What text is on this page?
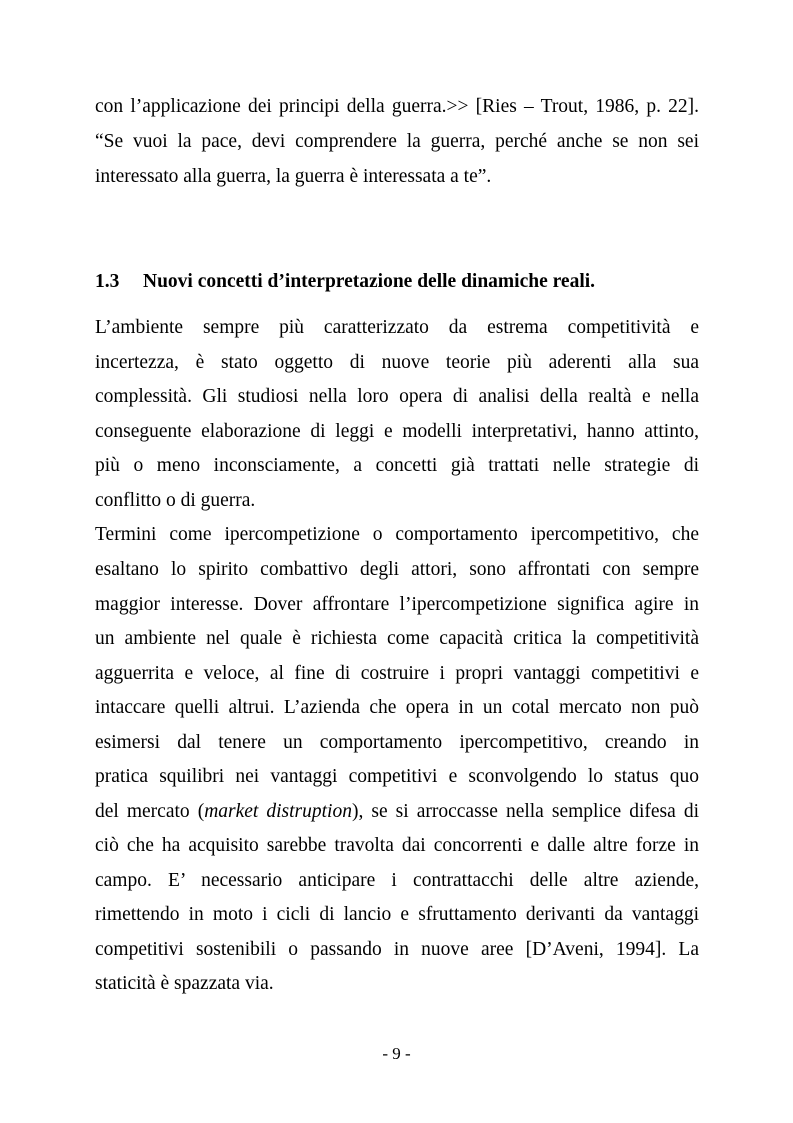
con l’applicazione dei principi della guerra.>> [Ries – Trout, 1986, p. 22].
“Se vuoi la pace, devi comprendere la guerra, perché anche se non sei
interessato alla guerra, la guerra è interessata a te”.
1.3 Nuovi concetti d’interpretazione delle dinamiche reali.
L’ambiente sempre più caratterizzato da estrema competitività e
incertezza, è stato oggetto di nuove teorie più aderenti alla sua
complessità. Gli studiosi nella loro opera di analisi della realtà e nella
conseguente elaborazione di leggi e modelli interpretativi, hanno attinto,
più o meno inconsciamente, a concetti già trattati nelle strategie di
conflitto o di guerra.
Termini come ipercompetizione o comportamento ipercompetitivo, che
esaltano lo spirito combattivo degli attori, sono affrontati con sempre
maggior interesse. Dover affrontare l’ipercompetizione significa agire in
un ambiente nel quale è richiesta come capacità critica la competitività
agguerrita e veloce, al fine di costruire i propri vantaggi competitivi e
intaccare quelli altrui. L’azienda che opera in un cotal mercato non può
esimersi dal tenere un comportamento ipercompetitivo, creando in
pratica squilibri nei vantaggi competitivi e sconvolgendo lo status quo
del mercato (market distruption), se si arroccasse nella semplice difesa di
ciò che ha acquisito sarebbe travolta dai concorrenti e dalle altre forze in
campo. E’ necessario anticipare i contrattacchi delle altre aziende,
rimettendo in moto i cicli di lancio e sfruttamento derivanti da vantaggi
competitivi sostenibili o passando in nuove aree [D’Aveni, 1994]. La
staticità è spazzata via.
- 9 -
